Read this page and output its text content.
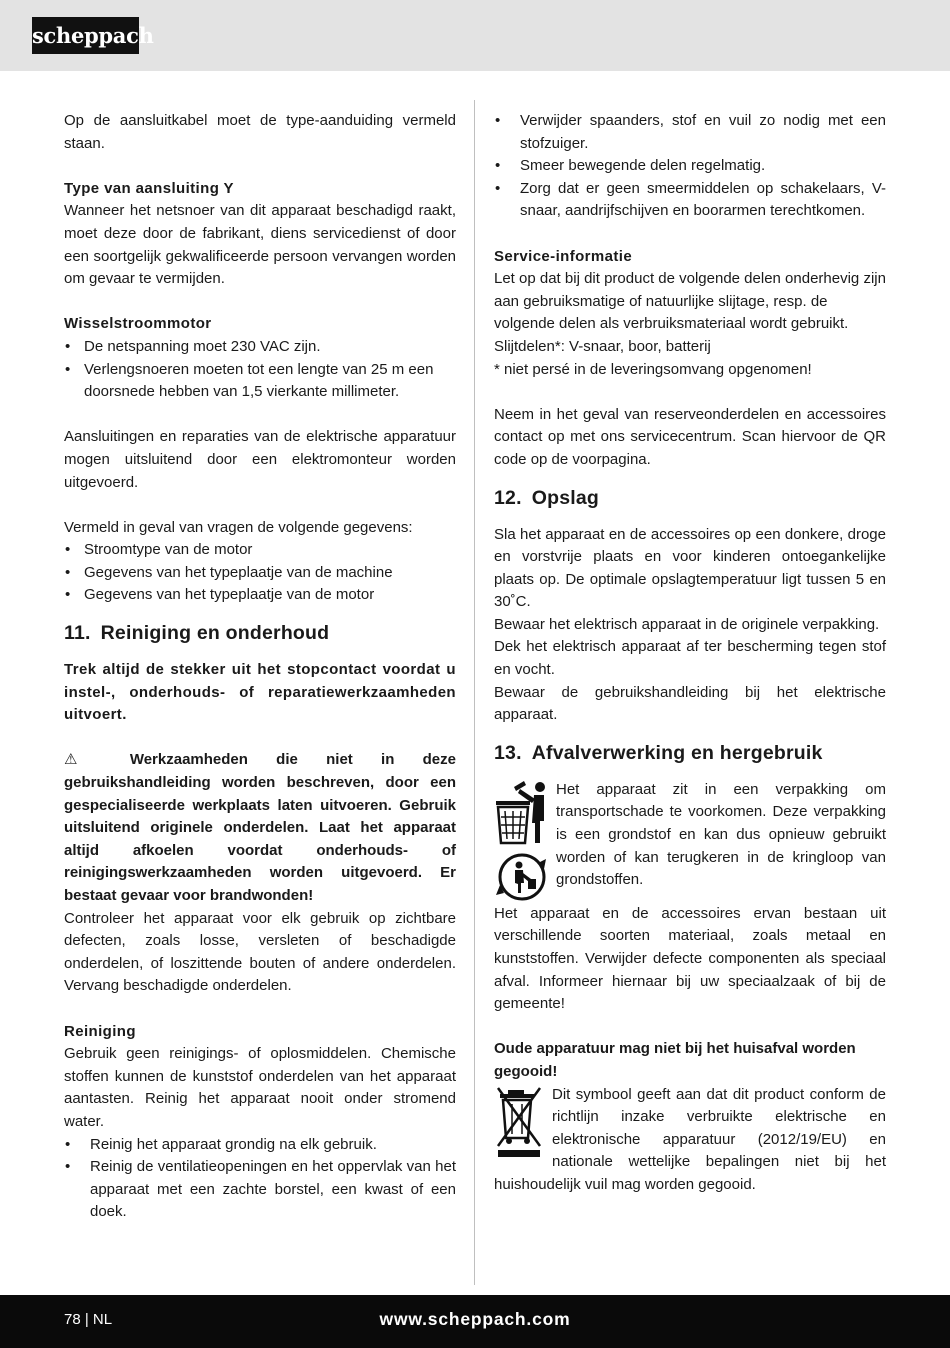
scheppach

Op de aansluitkabel moet de type-aanduiding vermeld staan.

Type van aansluiting Y

Wanneer het netsnoer van dit apparaat beschadigd raakt, moet deze door de fabrikant, diens servicedienst of door een soortgelijk gekwalificeerde persoon vervangen worden om gevaar te vermijden.

Wisselstroommotor

• De netspanning moet 230 VAC zijn.
• Verlengsnoeren moeten tot een lengte van 25 m een doorsnede hebben van 1,5 vierkante millimeter.

Aansluitingen en reparaties van de elektrische apparatuur mogen uitsluitend door een elektromonteur worden uitgevoerd.

Vermeld in geval van vragen de volgende gegevens:

• Stroomtype van de motor
• Gegevens van het typeplaatje van de machine
• Gegevens van het typeplaatje van de motor
11. Reiniging en onderhoud

Trek altijd de stekker uit het stopcontact voordat u instel-, onderhouds- of reparatiewerkzaamheden uitvoert.

⚠ Werkzaamheden die niet in deze gebruikshandleiding worden beschreven, door een gespecialiseerde werkplaats laten uitvoeren. Gebruik uitsluitend originele onderdelen. Laat het apparaat altijd afkoelen voordat onderhouds- of reinigingswerkzaamheden worden uitgevoerd. Er bestaat gevaar voor brandwonden!

Controleer het apparaat voor elk gebruik op zichtbare defecten, zoals losse, versleten of beschadigde onderdelen, of loszittende bouten of andere onderdelen. Vervang beschadigde onderdelen.

Reiniging

Gebruik geen reinigings- of oplosmiddelen. Chemische stoffen kunnen de kunststof onderdelen van het apparaat aantasten. Reinig het apparaat nooit onder stromend water.

• Reinig het apparaat grondig na elk gebruik.
• Reinig de ventilatieopeningen en het oppervlak van het apparaat met een zachte borstel, een kwast of een doek.
• Verwijder spaanders, stof en vuil zo nodig met een stofzuiger.
• Smeer bewegende delen regelmatig.
• Zorg dat er geen smeermiddelen op schakelaars, V-snaar, aandrijfschijven en boorarmen terechtkomen.

Service-informatie

Let op dat bij dit product de volgende delen onderhevig zijn aan gebruiksmatige of natuurlijke slijtage, resp. de volgende delen als verbruiksmateriaal wordt gebruikt.

Slijtdelen*: V-snaar, boor, batterij

* niet persé in de leveringsomvang opgenomen!

Neem in het geval van reserveonderdelen en accessoires contact op met ons servicecentrum. Scan hiervoor de QR code op de voorpagina.

12. Opslag

Sla het apparaat en de accessoires op een donkere, droge en vorstvrije plaats en voor kinderen ontoegankelijke plaats op. De optimale opslagtemperatuur ligt tussen 5 en 30˚C.

Bewaar het elektrisch apparaat in de originele verpakking.

Dek het elektrisch apparaat af ter bescherming tegen stof en vocht.

Bewaar de gebruikshandleiding bij het elektrische apparaat.

13. Afvalverwerking en hergebruik

Het apparaat zit in een verpakking om transportschade te voorkomen. Deze verpakking is een grondstof en kan dus opnieuw gebruikt worden of kan terugkeren in de kringloop van grondstoffen.

Het apparaat en de accessoires ervan bestaan uit verschillende soorten materiaal, zoals metaal en kunststoffen. Verwijder defecte componenten als speciaal afval. Informeer hiernaar bij uw speciaalzaak of bij de gemeente!

Oude apparatuur mag niet bij het huisafval worden gegooid!

Dit symbool geeft aan dat dit product conform de richtlijn inzake verbruikte elektrische en elektronische apparatuur (2012/19/EU) en nationale wettelijke bepalingen niet bij het huishoudelijk vuil mag worden gegooid.

78 | NL	www.scheppach.com
